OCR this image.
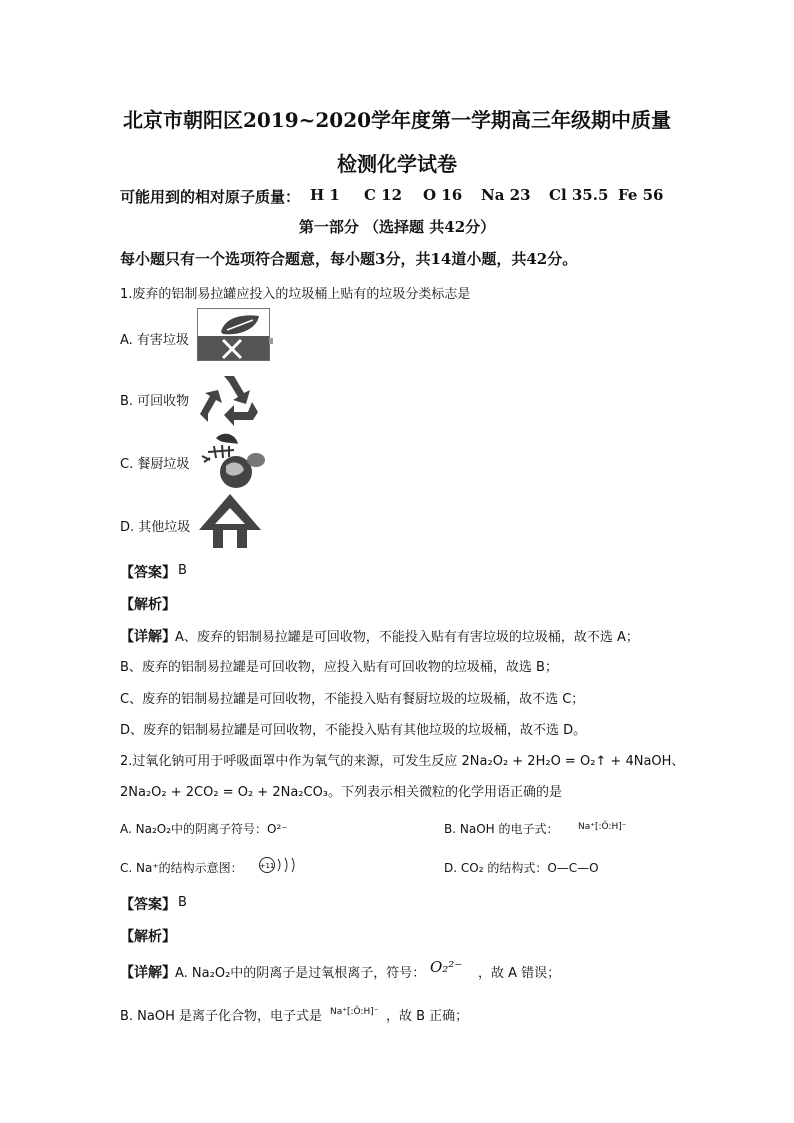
北京市朝阳区2019~2020学年度第一学期高三年级期中质量
检测化学试卷
可能用到的相对原子质量： H 1 C 12 O 16 Na 23 Cl 35.5 Fe 56
第一部分 （选择题 共42分）
每小题只有一个选项符合题意，每小题3分，共14道小题，共42分。
1.废弃的铝制易拉罐应投入的垃圾桶上贴有的垃圾分类标志是
A. 有害垃圾
B. 可回收物
C. 餐厨垃圾
D. 其他垃圾
【答案】 B
【解析】
【详解】 A、废弃的铝制易拉罐是可回收物，不能投入贴有有害垃圾的垃圾桶，故不选 A；
B、废弃的铝制易拉罐是可回收物，应投入贴有可回收物的垃圾桶，故选 B；
C、废弃的铝制易拉罐是可回收物，不能投入贴有餐厨垃圾的垃圾桶，故不选 C；
D、废弃的铝制易拉罐是可回收物，不能投入贴有其他垃圾的垃圾桶，故不选 D。
2.过氧化钠可用于呼吸面罩中作为氧气的来源，可发生反应 2Na₂O₂ + 2H₂O = O₂↑ + 4NaOH、
2Na₂O₂ + 2CO₂ = O₂ + 2Na₂CO₃。下列表示相关微粒的化学用语正确的是
A. Na₂O₂中的阴离子符号：O²⁻	B. NaOH 的电子式： Na⁺[:Ö:H]⁻
C. Na⁺的结构示意图： +11	D. CO₂ 的结构式：O—C—O
【答案】 B
【解析】
【详解】 A. Na₂O₂中的阴离子是过氧根离子，符号： O₂²⁻ ，故 A 错误；
B. NaOH 是离子化合物，电子式是 Na⁺[:Ö:H]⁻ ，故 B 正确；
